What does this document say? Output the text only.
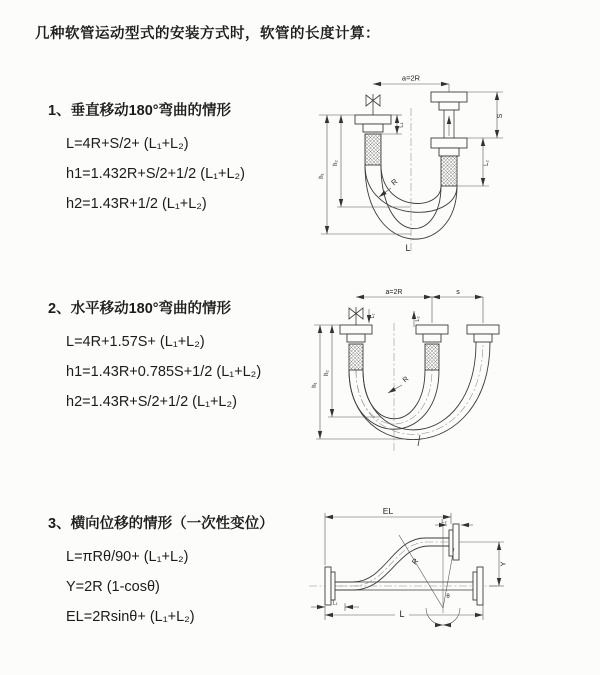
几种软管运动型式的安装方式时，软管的长度计算：
1、垂直移动180°弯曲的情形
L=4R+S/2+ (L₁+L₂)
h1=1.432R+S/2+1/2 (L₁+L₂)
h2=1.43R+1/2 (L₁+L₂)
2、水平移动180°弯曲的情形
L=4R+1.57S+ (L₁+L₂)
h1=1.43R+0.785S+1/2 (L₁+L₂)
h2=1.43R+S/2+1/2 (L₁+L₂)
3、横向位移的情形（一次性变位）
L=πRθ/90+ (L₁+L₂)
Y=2R (1-cosθ)
EL=2Rsinθ+ (L₁+L₂)
a=2R
L₁
h₁
h₂
S
L₂
R
L
a=2R	s
h₁
h₂
L₁
L₂
R
EL
L₂
Y
L
L₁
R
θ
